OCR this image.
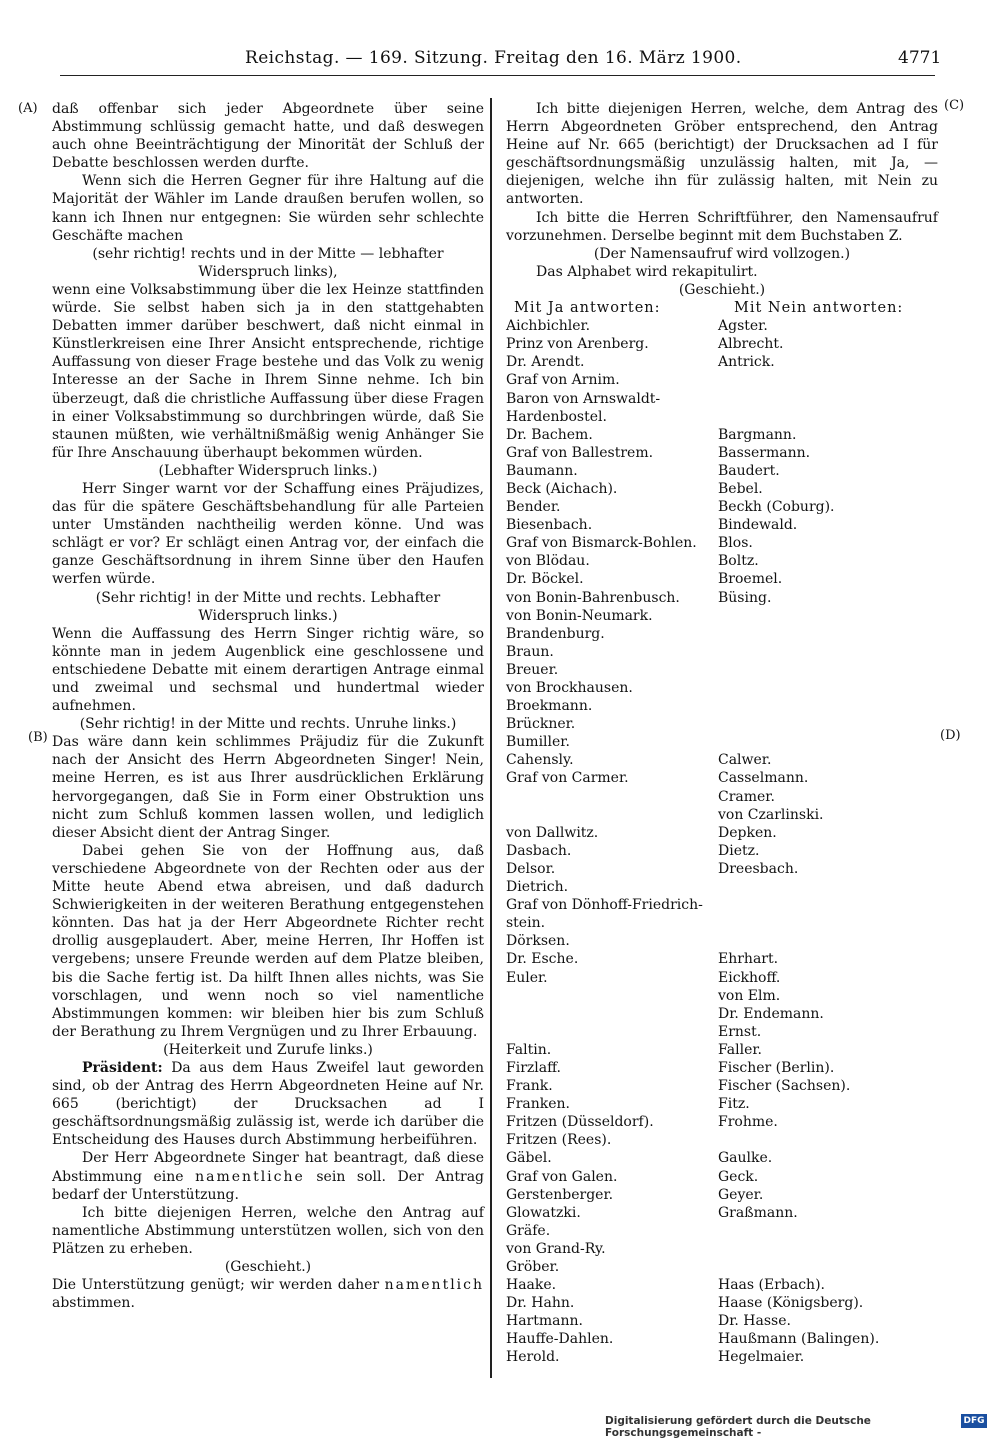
Reichstag. — 169. Sitzung. Freitag den 16. März 1900.	4771
(A)
(B)
(C)
(D)

daß offenbar sich jeder Abgeordnete über seine Abstimmung schlüssig gemacht hatte, und daß deswegen auch ohne Beeinträchtigung der Minorität der Schluß der Debatte beschlossen werden durfte.

Wenn sich die Herren Gegner für ihre Haltung auf die Majorität der Wähler im Lande draußen berufen wollen, so kann ich Ihnen nur entgegnen: Sie würden sehr schlechte Geschäfte machen

(sehr richtig! rechts und in der Mitte — lebhafter Widerspruch links),

wenn eine Volksabstimmung über die lex Heinze stattfinden würde. Sie selbst haben sich ja in den stattgehabten Debatten immer darüber beschwert, daß nicht einmal in Künstlerkreisen eine Ihrer Ansicht entsprechende, richtige Auffassung von dieser Frage bestehe und das Volk zu wenig Interesse an der Sache in Ihrem Sinne nehme. Ich bin überzeugt, daß die christliche Auffassung über diese Fragen in einer Volksabstimmung so durchbringen würde, daß Sie staunen müßten, wie verhältnißmäßig wenig Anhänger Sie für Ihre Anschauung überhaupt bekommen würden.

(Lebhafter Widerspruch links.)

Herr Singer warnt vor der Schaffung eines Präjudizes, das für die spätere Geschäftsbehandlung für alle Parteien unter Umständen nachtheilig werden könne. Und was schlägt er vor? Er schlägt einen Antrag vor, der einfach die ganze Geschäftsordnung in ihrem Sinne über den Haufen werfen würde.

(Sehr richtig! in der Mitte und rechts. Lebhafter Widerspruch links.)

Wenn die Auffassung des Herrn Singer richtig wäre, so könnte man in jedem Augenblick eine geschlossene und entschiedene Debatte mit einem derartigen Antrage einmal und zweimal und sechsmal und hundertmal wieder aufnehmen.

(Sehr richtig! in der Mitte und rechts. Unruhe links.)

Das wäre dann kein schlimmes Präjudiz für die Zukunft nach der Ansicht des Herrn Abgeordneten Singer! Nein, meine Herren, es ist aus Ihrer ausdrücklichen Erklärung hervorgegangen, daß Sie in Form einer Obstruktion uns nicht zum Schluß kommen lassen wollen, und lediglich dieser Absicht dient der Antrag Singer.

Dabei gehen Sie von der Hoffnung aus, daß verschiedene Abgeordnete von der Rechten oder aus der Mitte heute Abend etwa abreisen, und daß dadurch Schwierigkeiten in der weiteren Berathung entgegenstehen könnten. Das hat ja der Herr Abgeordnete Richter recht drollig ausgeplaudert. Aber, meine Herren, Ihr Hoffen ist vergebens; unsere Freunde werden auf dem Platze bleiben, bis die Sache fertig ist. Da hilft Ihnen alles nichts, was Sie vorschlagen, und wenn noch so viel namentliche Abstimmungen kommen: wir bleiben hier bis zum Schluß der Berathung zu Ihrem Vergnügen und zu Ihrer Erbauung.

(Heiterkeit und Zurufe links.)

Präsident: Da aus dem Haus Zweifel laut geworden sind, ob der Antrag des Herrn Abgeordneten Heine auf Nr. 665 (berichtigt) der Drucksachen ad I geschäftsordnungsmäßig zulässig ist, werde ich darüber die Entscheidung des Hauses durch Abstimmung herbeiführen.

Der Herr Abgeordnete Singer hat beantragt, daß diese Abstimmung eine namentliche sein soll. Der Antrag bedarf der Unterstützung.

Ich bitte diejenigen Herren, welche den Antrag auf namentliche Abstimmung unterstützen wollen, sich von den Plätzen zu erheben.

(Geschieht.)

Die Unterstützung genügt; wir werden daher namentlich abstimmen.

Ich bitte diejenigen Herren, welche, dem Antrag des Herrn Abgeordneten Gröber entsprechend, den Antrag Heine auf Nr. 665 (berichtigt) der Drucksachen ad I für geschäftsordnungsmäßig unzulässig halten, mit Ja, — diejenigen, welche ihn für zulässig halten, mit Nein zu antworten.

Ich bitte die Herren Schriftführer, den Namensaufruf vorzunehmen. Derselbe beginnt mit dem Buchstaben Z.

(Der Namensaufruf wird vollzogen.)

Das Alphabet wird rekapitulirt.

(Geschieht.)

Mit Ja antworten:	Mit Nein antworten:
Aichbichler.	Agster.
Prinz von Arenberg.	Albrecht.
Dr. Arendt.	Antrick.
Graf von Arnim.	
Baron von Arnswaldt-	
Hardenbostel.	
Dr. Bachem.	Bargmann.
Graf von Ballestrem.	Bassermann.
Baumann.	Baudert.
Beck (Aichach).	Bebel.
Bender.	Beckh (Coburg).
Biesenbach.	Bindewald.
Graf von Bismarck-Bohlen.	Blos.
von Blödau.	Boltz.
Dr. Böckel.	Broemel.
von Bonin-Bahrenbusch.	Büsing.
von Bonin-Neumark.	
Brandenburg.	
Braun.	
Breuer.	
von Brockhausen.	
Broekmann.	
Brückner.	
Bumiller.	
Cahensly.	Calwer.
Graf von Carmer.	Casselmann.
	Cramer.
	von Czarlinski.
von Dallwitz.	Depken.
Dasbach.	Dietz.
Delsor.	Dreesbach.
Dietrich.	
Graf von Dönhoff-Friedrich-	
stein.	
Dörksen.	
Dr. Esche.	Ehrhart.
Euler.	Eickhoff.
	von Elm.
	Dr. Endemann.
	Ernst.
Faltin.	Faller.
Firzlaff.	Fischer (Berlin).
Frank.	Fischer (Sachsen).
Franken.	Fitz.
Fritzen (Düsseldorf).	Frohme.
Fritzen (Rees).	
Gäbel.	Gaulke.
Graf von Galen.	Geck.
Gerstenberger.	Geyer.
Glowatzki.	Graßmann.
Gräfe.	
von Grand-Ry.	
Gröber.	
Haake.	Haas (Erbach).
Dr. Hahn.	Haase (Königsberg).
Hartmann.	Dr. Hasse.
Hauffe-Dahlen.	Haußmann (Balingen).
Herold.	Hegelmaier.
Digitalisierung gefördert durch die Deutsche Forschungsgemeinschaft -
DFG
